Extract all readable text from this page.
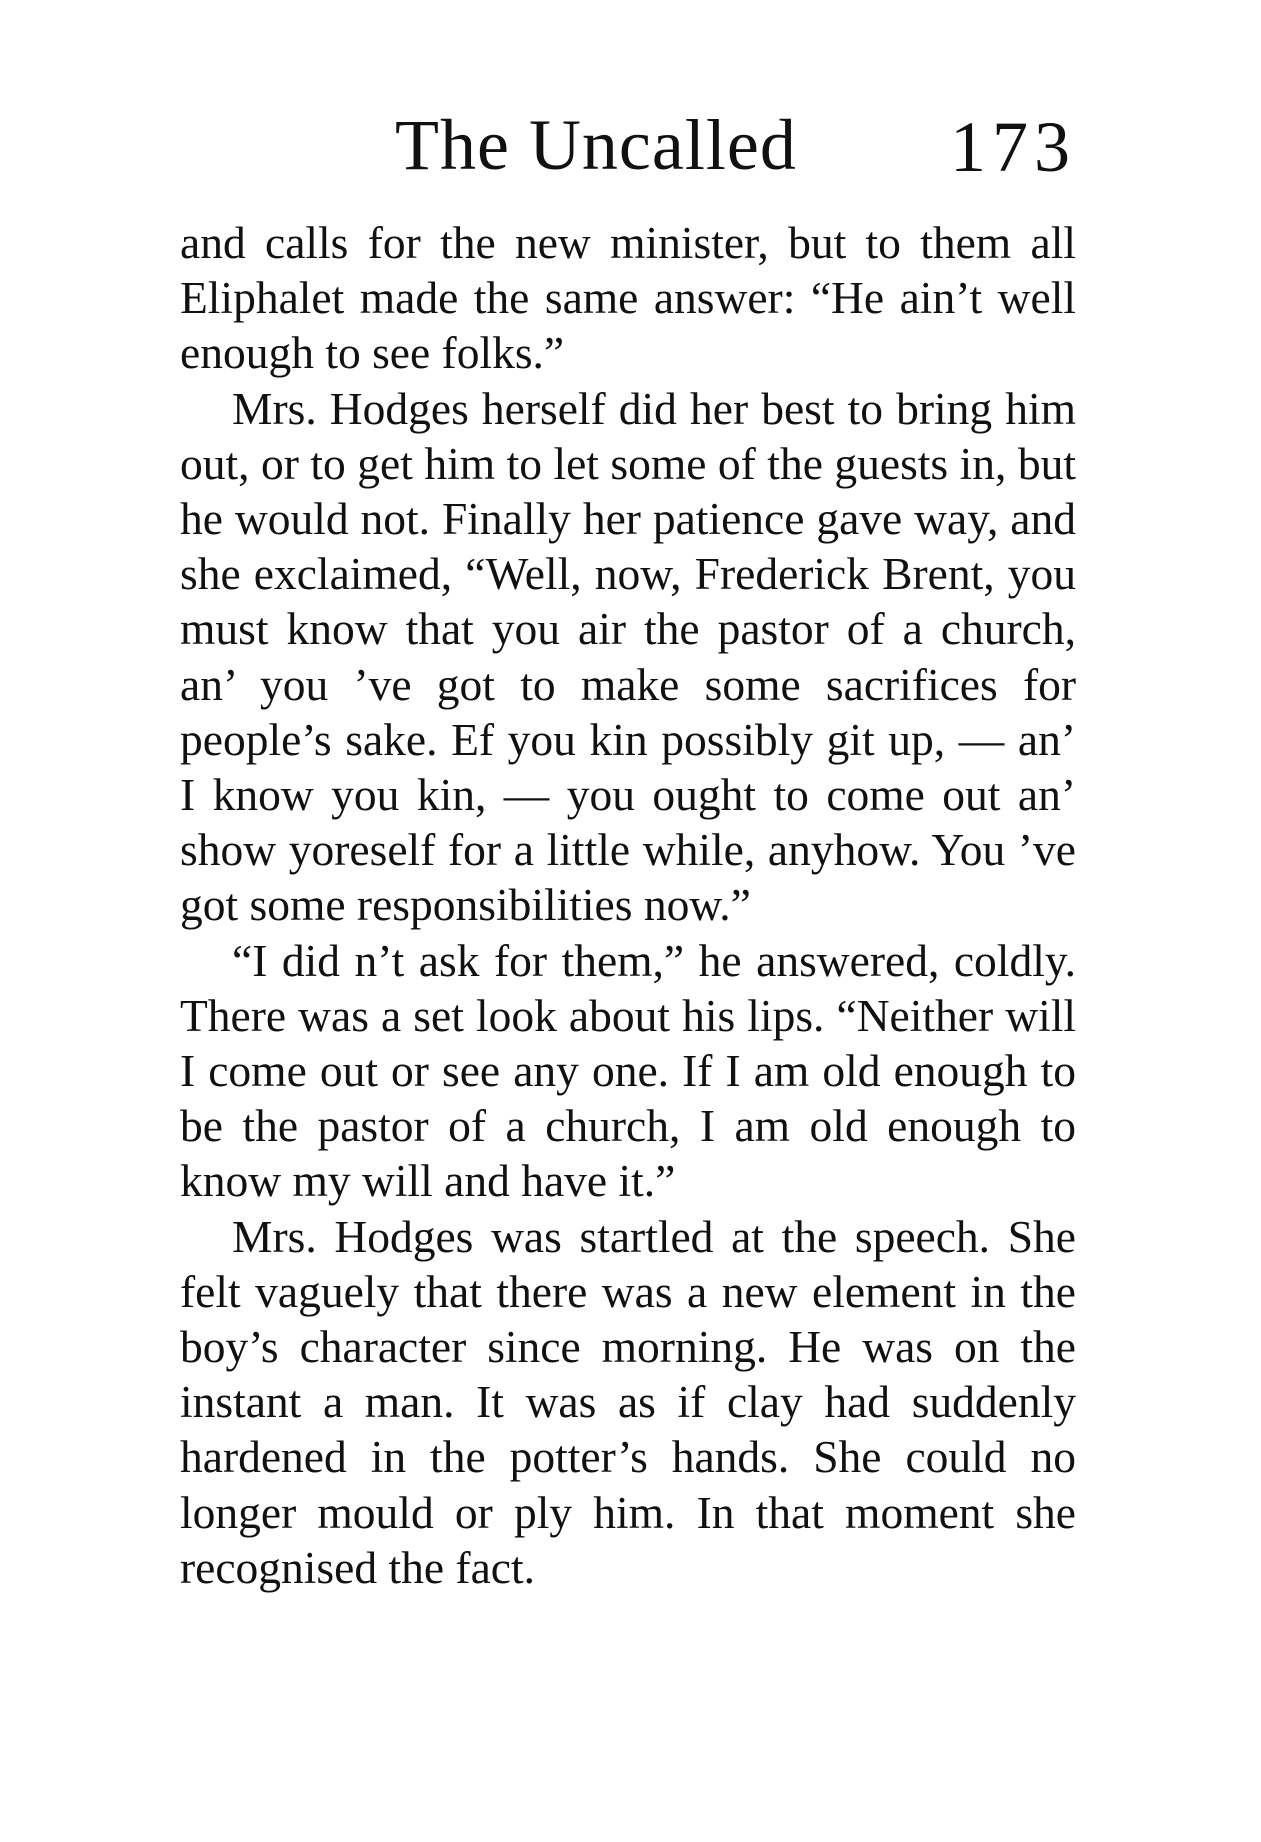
The Uncalled 173

and calls for the new minister, but to them all Eliphalet made the same answer: “He ain’t well enough to see folks.”

Mrs. Hodges herself did her best to bring him out, or to get him to let some of the guests in, but he would not. Finally her patience gave way, and she exclaimed, “Well, now, Frederick Brent, you must know that you air the pastor of a church, an’ you ’ve got to make some sacrifices for people’s sake. Ef you kin possibly git up, — an’ I know you kin, — you ought to come out an’ show yoreself for a little while, anyhow. You ’ve got some responsibilities now.”

“I did n’t ask for them,” he answered, coldly. There was a set look about his lips. “Neither will I come out or see any one. If I am old enough to be the pastor of a church, I am old enough to know my will and have it.”

Mrs. Hodges was startled at the speech. She felt vaguely that there was a new element in the boy’s character since morning. He was on the instant a man. It was as if clay had suddenly hardened in the potter’s hands. She could no longer mould or ply him. In that moment she recognised the fact.
